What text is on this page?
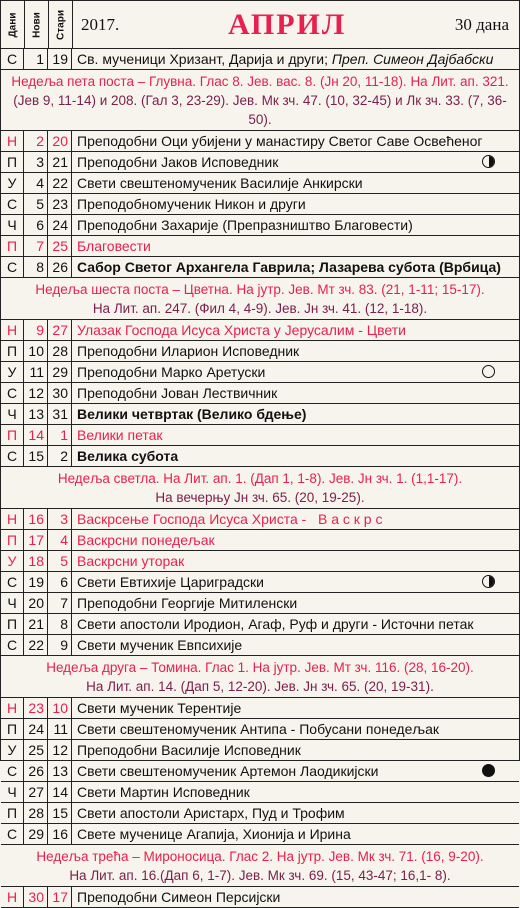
Дани Нови Стари 2017.	АПРИЛ	30 дана
С	1 19 Св. мученици Хризант, Дарија и други; Преп. Симеон Дајбабски
Недеља пета поста – Глувна. Глас 8. Јев. вас. 8. (Јн 20, 11-18). На Лит. ап. 321.
(Јев 9, 11-14) и 208. (Гал 3, 23-29). Јев. Мк зч. 47. (10, 32-45) и Лк зч. 33. (7, 36-50).
Н	2 20 Преподобни Оци убијени у манастиру Светог Саве Освећеног
П	3 21 Преподобни Јаков Исповедник
У	4 22 Свети свештеномученик Василије Анкирски
С	5 23 Преподобномученик Никон и други
Ч	6 24 Преподобни Захарије (Препразништво Благовести)
П	7 25 Благовести
С	8 26 Сабор Светог Архангела Гаврила; Лазарева субота (Врбица)
Недеља шеста поста – Цветна. На јутр. Јев. Мт зч. 83. (21, 1-11; 15-17).
На Лит. ап. 247. (Фил 4, 4-9). Јев. Јн зч. 41. (12, 1-18).
Н	9 27 Улазак Господа Исуса Христа у Јерусалим - Цвети
П 10 28 Преподобни Иларион Исповедник
У 11 29 Преподобни Марко Аретуски
С 12 30 Преподобни Јован Лествичник
Ч 13 31 Велики четвртак (Велико бдење)
П 14	1 Велики петак
С 15	2 Велика субота
Недеља светла. На Лит. ап. 1. (Дап 1, 1-8). Јев. Јн зч. 1. (1,1-17).
На вечерњу Јн зч. 65. (20, 19-25).
Н 16	3 Васкрсење Господа Исуса Христа -   В а с к р с
П 17	4 Васкрсни понедељак
У 18	5 Васкрсни уторак
С 19	6 Свети Евтихије Цариградски
Ч 20	7 Преподобни Георгије Митиленски
П 21	8 Свети апостоли Иродион, Агаф, Руф и други - Источни петак
С 22	9 Свети мученик Евпсихије
Недеља друга – Томина. Глас 1. На јутр. Јев. Мт зч. 116. (28, 16-20).
На Лит. ап. 14. (Дап 5, 12-20). Јев. Јн зч. 65. (20, 19-31).
Н 23 10 Свети мученик Терентије
П 24 11 Свети свештеномученик Антипа - Побусани понедељак
У 25 12 Преподобни Василије Исповедник
С 26 13 Свети свештеномученик Артемон Лаодикијски
Ч 27 14 Свети Мартин Исповедник
П 28 15 Свети апостоли Аристарх, Пуд и Трофим
С 29 16 Свете мученице Агапија, Хионија и Ирина
Недеља трећа – Мироносица. Глас 2. На јутр. Јев. Мк зч. 71. (16, 9-20).
На Лит. ап. 16.(Дап 6, 1-7). Јев. Мк зч. 69. (15, 43-47; 16,1- 8).
Н 30 17 Преподобни Симеон Персијски
